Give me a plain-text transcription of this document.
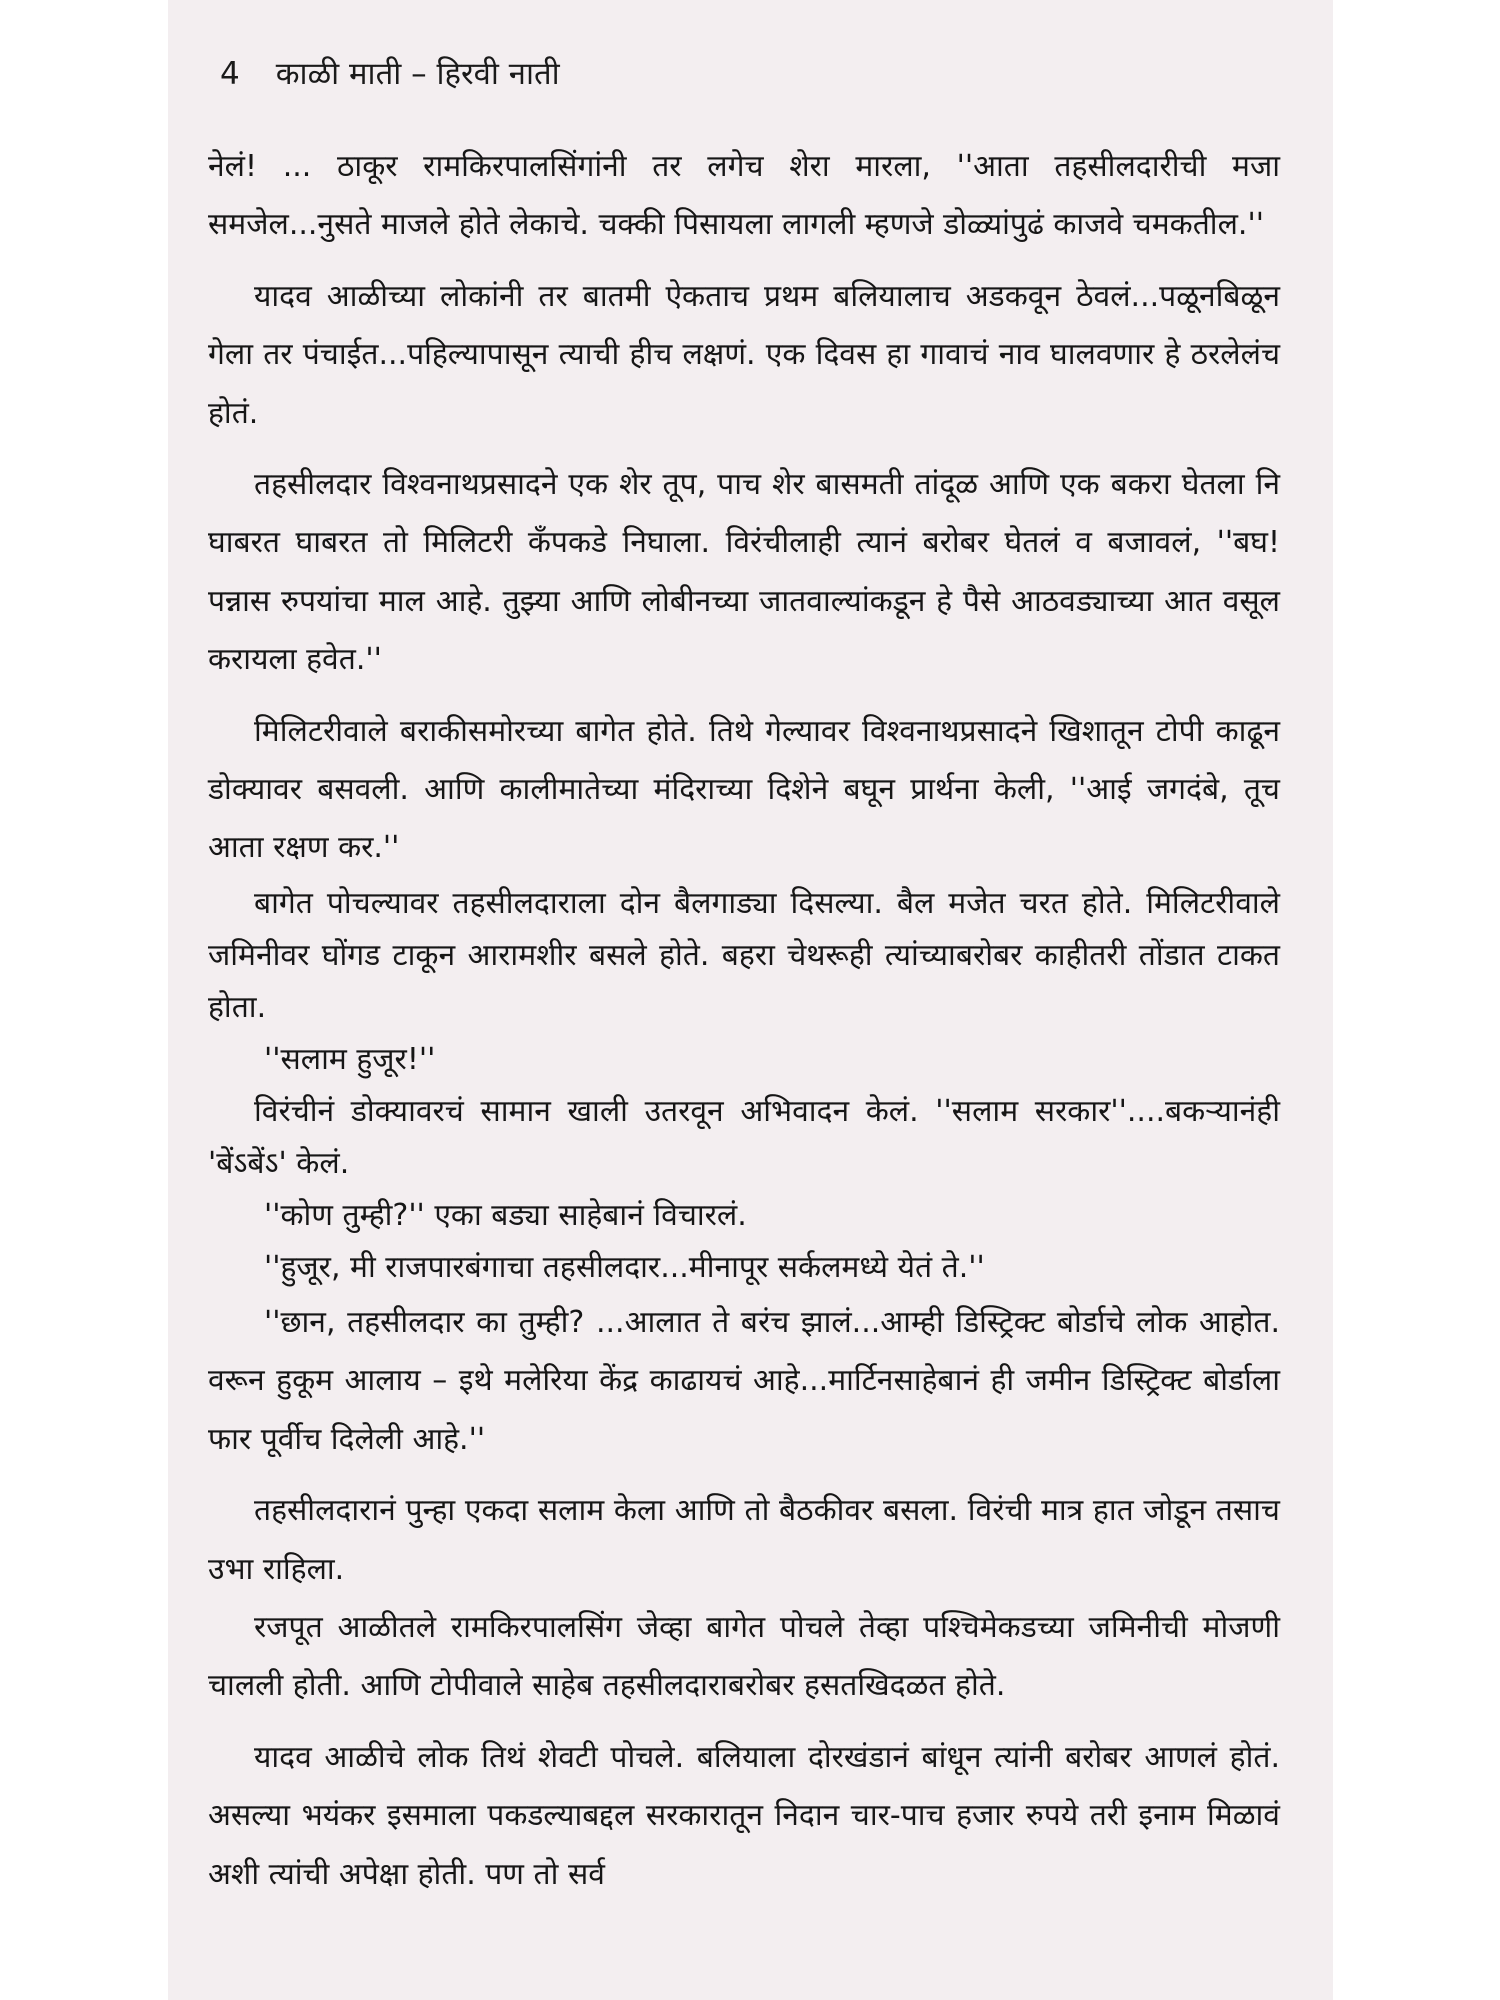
4 काळी माती – हिरवी नाती

नेलं! ... ठाकूर रामकिरपालसिंगांनी तर लगेच शेरा मारला, ''आता तहसीलदारीची मजा समजेल...नुसते माजले होते लेकाचे. चक्की पिसायला लागली म्हणजे डोळ्यांपुढं काजवे चमकतील.''

यादव आळीच्या लोकांनी तर बातमी ऐकताच प्रथम बलियालाच अडकवून ठेवलं...पळूनबिळून गेला तर पंचाईत...पहिल्यापासून त्याची हीच लक्षणं. एक दिवस हा गावाचं नाव घालवणार हे ठरलेलंच होतं.

तहसीलदार विश्वनाथप्रसादने एक शेर तूप, पाच शेर बासमती तांदूळ आणि एक बकरा घेतला नि घाबरत घाबरत तो मिलिटरी कँपकडे निघाला. विरंचीलाही त्यानं बरोबर घेतलं व बजावलं, ''बघ! पन्नास रुपयांचा माल आहे. तुझ्या आणि लोबीनच्या जातवाल्यांकडून हे पैसे आठवड्याच्या आत वसूल करायला हवेत.''

मिलिटरीवाले बराकीसमोरच्या बागेत होते. तिथे गेल्यावर विश्वनाथप्रसादने खिशातून टोपी काढून डोक्यावर बसवली. आणि कालीमातेच्या मंदिराच्या दिशेने बघून प्रार्थना केली, ''आई जगदंबे, तूच आता रक्षण कर.''

बागेत पोचल्यावर तहसीलदाराला दोन बैलगाड्या दिसल्या. बैल मजेत चरत होते. मिलिटरीवाले जमिनीवर घोंगड टाकून आरामशीर बसले होते. बहरा चेथरूही त्यांच्याबरोबर काहीतरी तोंडात टाकत होता.

''सलाम हुजूर!''

विरंचीनं डोक्यावरचं सामान खाली उतरवून अभिवादन केलं. ''सलाम सरकार''....बकऱ्यानंही 'बेंऽबेंऽ' केलं.

''कोण तुम्ही?'' एका बड्या साहेबानं विचारलं.

''हुजूर, मी राजपारबंगाचा तहसीलदार...मीनापूर सर्कलमध्ये येतं ते.''

''छान, तहसीलदार का तुम्ही? ...आलात ते बरंच झालं...आम्ही डिस्ट्रिक्ट बोर्डाचे लोक आहोत. वरून हुकूम आलाय – इथे मलेरिया केंद्र काढायचं आहे...मार्टिनसाहेबानं ही जमीन डिस्ट्रिक्ट बोर्डाला फार पूर्वीच दिलेली आहे.''

तहसीलदारानं पुन्हा एकदा सलाम केला आणि तो बैठकीवर बसला. विरंची मात्र हात जोडून तसाच उभा राहिला.

रजपूत आळीतले रामकिरपालसिंग जेव्हा बागेत पोचले तेव्हा पश्चिमेकडच्या जमिनीची मोजणी चालली होती. आणि टोपीवाले साहेब तहसीलदाराबरोबर हसतखिदळत होते.

यादव आळीचे लोक तिथं शेवटी पोचले. बलियाला दोरखंडानं बांधून त्यांनी बरोबर आणलं होतं. असल्या भयंकर इसमाला पकडल्याबद्दल सरकारातून निदान चार-पाच हजार रुपये तरी इनाम मिळावं अशी त्यांची अपेक्षा होती. पण तो सर्व
